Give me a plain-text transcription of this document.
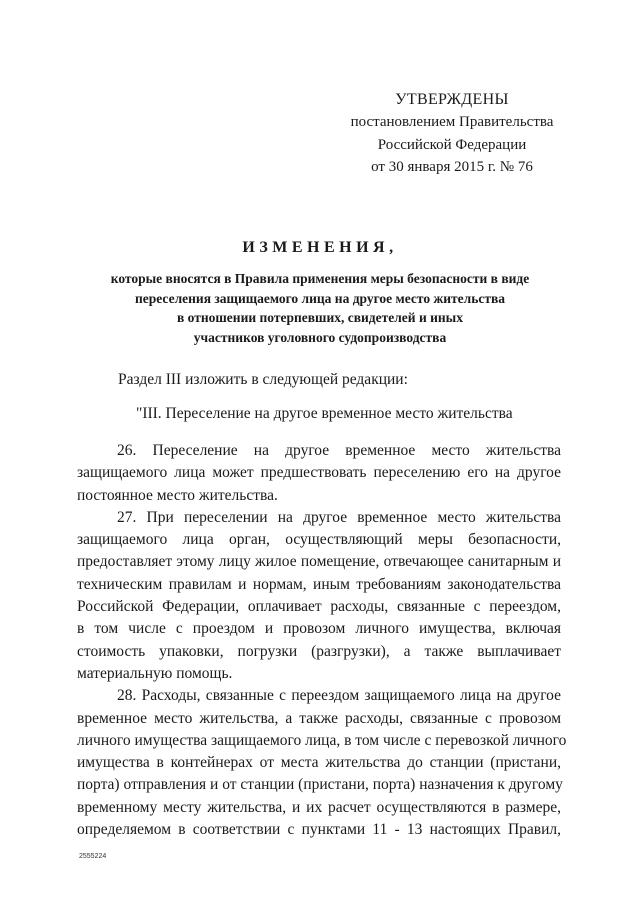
УТВЕРЖДЕНЫ
постановлением Правительства
Российской Федерации
от 30 января 2015 г. № 76
ИЗМЕНЕНИЯ,
которые вносятся в Правила применения меры безопасности в виде
переселения защищаемого лица на другое место жительства
в отношении потерпевших, свидетелей и иных
участников уголовного судопроизводства
Раздел III изложить в следующей редакции:
"III. Переселение на другое временное место жительства
26. Переселение на другое временное место жительства
защищаемого лица может предшествовать переселению его на другое
постоянное место жительства.
27. При переселении на другое временное место жительства
защищаемого лица орган, осуществляющий меры безопасности,
предоставляет этому лицу жилое помещение, отвечающее санитарным и
техническим правилам и нормам, иным требованиям законодательства
Российской Федерации, оплачивает расходы, связанные с переездом,
в том числе с проездом и провозом личного имущества, включая
стоимость упаковки, погрузки (разгрузки), а также выплачивает
материальную помощь.
28. Расходы, связанные с переездом защищаемого лица на другое
временное место жительства, а также расходы, связанные с провозом
личного имущества защищаемого лица, в том числе с перевозкой личного
имущества в контейнерах от места жительства до станции (пристани,
порта) отправления и от станции (пристани, порта) назначения к другому
временному месту жительства, и их расчет осуществляются в размере,
определяемом в соответствии с пунктами 11 - 13 настоящих Правил,
2555224
